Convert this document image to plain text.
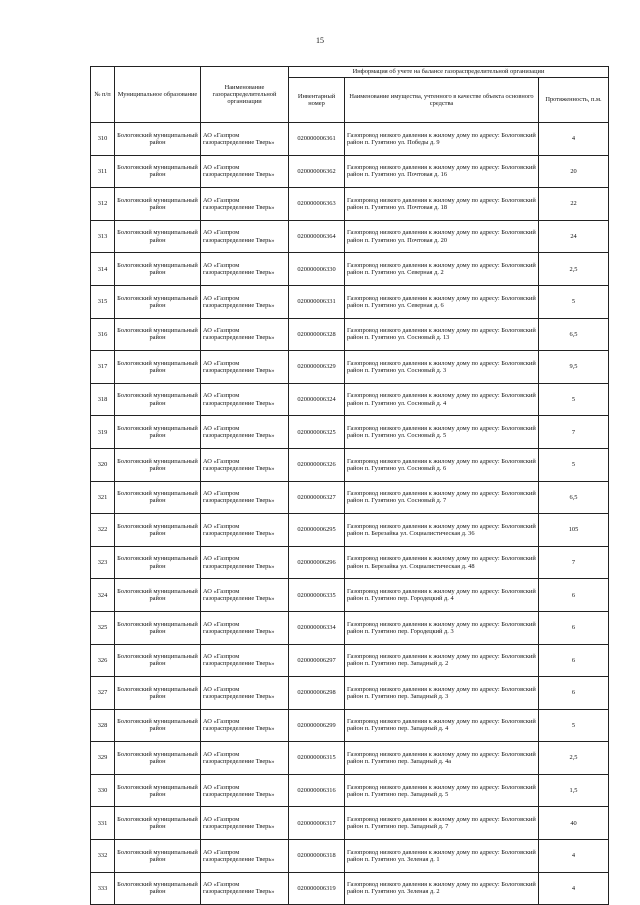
15
№ п/п	Муниципальное образование	Наименование газораспределительной организации	Информация об учете на балансе газораспределительной организации		
			Инвентарный номер	Наименование имущества, учтенного в качестве объекта основного средства	Протяженность, п.м.
310	Бологовский муниципальный район	АО «Газпром газораспределение Тверь»	020000006361	Газопровод низкого давления к жилому дому по адресу: Бологовский район п. Гузятино ул. Победы д. 9	4
311	Бологовский муниципальный район	АО «Газпром газораспределение Тверь»	020000006362	Газопровод низкого давления к жилому дому по адресу: Бологовский район п. Гузятино ул. Почтовая д. 16	20
312	Бологовский муниципальный район	АО «Газпром газораспределение Тверь»	020000006363	Газопровод низкого давления к жилому дому по адресу: Бологовский район п. Гузятино ул. Почтовая д. 18	22
313	Бологовский муниципальный район	АО «Газпром газораспределение Тверь»	020000006364	Газопровод низкого давления к жилому дому по адресу: Бологовский район п. Гузятино ул. Почтовая д. 20	24
314	Бологовский муниципальный район	АО «Газпром газораспределение Тверь»	020000006330	Газопровод низкого давления к жилому дому по адресу: Бологовский район п. Гузятино ул. Северная д. 2	2,5
315	Бологовский муниципальный район	АО «Газпром газораспределение Тверь»	020000006331	Газопровод низкого давления к жилому дому по адресу: Бологовский район п. Гузятино ул. Северная д. 6	5
316	Бологовский муниципальный район	АО «Газпром газораспределение Тверь»	020000006328	Газопровод низкого давления к жилому дому по адресу: Бологовский район п. Гузятино ул. Сосновый д. 13	6,5
317	Бологовский муниципальный район	АО «Газпром газораспределение Тверь»	020000006329	Газопровод низкого давления к жилому дому по адресу: Бологовский район п. Гузятино ул. Сосновый д. 3	9,5
318	Бологовский муниципальный район	АО «Газпром газораспределение Тверь»	020000006324	Газопровод низкого давления к жилому дому по адресу: Бологовский район п. Гузятино ул. Сосновый д. 4	5
319	Бологовский муниципальный район	АО «Газпром газораспределение Тверь»	020000006325	Газопровод низкого давления к жилому дому по адресу: Бологовский район п. Гузятино ул. Сосновый д. 5	7
320	Бологовский муниципальный район	АО «Газпром газораспределение Тверь»	020000006326	Газопровод низкого давления к жилому дому по адресу: Бологовский район п. Гузятино ул. Сосновый д. 6	5
321	Бологовский муниципальный район	АО «Газпром газораспределение Тверь»	020000006327	Газопровод низкого давления к жилому дому по адресу: Бологовский район п. Гузятино ул. Сосновый д. 7	6,5
322	Бологовский муниципальный район	АО «Газпром газораспределение Тверь»	020000006295	Газопровод низкого давления к жилому дому по адресу: Бологовский район п. Березайка ул. Социалистическая д. 36	105
323	Бологовский муниципальный район	АО «Газпром газораспределение Тверь»	020000006296	Газопровод низкого давления к жилому дому по адресу: Бологовский район п. Березайка ул. Социалистическая д. 48	7
324	Бологовский муниципальный район	АО «Газпром газораспределение Тверь»	020000006335	Газопровод низкого давления к жилому дому по адресу: Бологовский район п. Гузятино пер. Городецкий д. 4	6
325	Бологовский муниципальный район	АО «Газпром газораспределение Тверь»	020000006334	Газопровод низкого давления к жилому дому по адресу: Бологовский район п. Гузятино пер. Городецкий д. 3	6
326	Бологовский муниципальный район	АО «Газпром газораспределение Тверь»	020000006297	Газопровод низкого давления к жилому дому по адресу: Бологовский район п. Гузятино пер. Западный д. 2	6
327	Бологовский муниципальный район	АО «Газпром газораспределение Тверь»	020000006298	Газопровод низкого давления к жилому дому по адресу: Бологовский район п. Гузятино пер. Западный д. 3	6
328	Бологовский муниципальный район	АО «Газпром газораспределение Тверь»	020000006299	Газопровод низкого давления к жилому дому по адресу: Бологовский район п. Гузятино пер. Западный д. 4	5
329	Бологовский муниципальный район	АО «Газпром газораспределение Тверь»	020000006315	Газопровод низкого давления к жилому дому по адресу: Бологовский район п. Гузятино пер. Западный д. 4а	2,5
330	Бологовский муниципальный район	АО «Газпром газораспределение Тверь»	020000006316	Газопровод низкого давления к жилому дому по адресу: Бологовский район п. Гузятино пер. Западный д. 5	1,5
331	Бологовский муниципальный район	АО «Газпром газораспределение Тверь»	020000006317	Газопровод низкого давления к жилому дому по адресу: Бологовский район п. Гузятино пер. Западный д. 7	40
332	Бологовский муниципальный район	АО «Газпром газораспределение Тверь»	020000006318	Газопровод низкого давления к жилому дому по адресу: Бологовский район п. Гузятино ул. Зеленая д. 1	4
333	Бологовский муниципальный район	АО «Газпром газораспределение Тверь»	020000006319	Газопровод низкого давления к жилому дому по адресу: Бологовский район п. Гузятино ул. Зеленая д. 2	4
